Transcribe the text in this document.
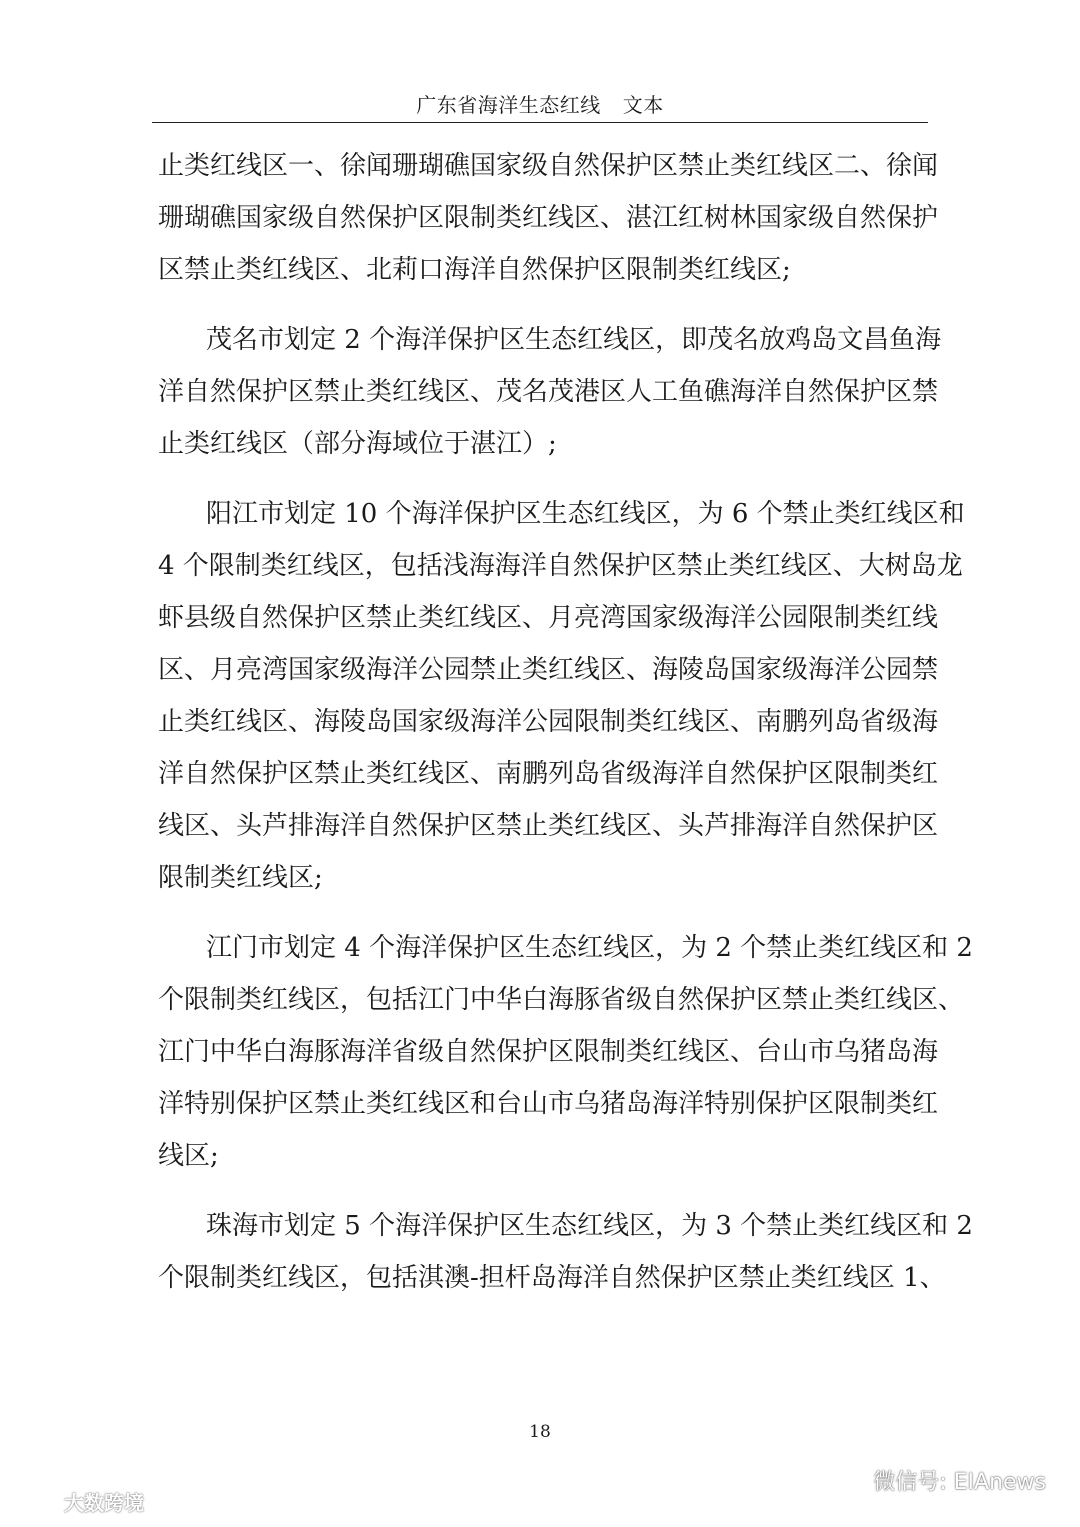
广东省海洋生态红线 文本
止类红线区一、徐闻珊瑚礁国家级自然保护区禁止类红线区二、徐闻
珊瑚礁国家级自然保护区限制类红线区、湛江红树林国家级自然保护
区禁止类红线区、北莉口海洋自然保护区限制类红线区;
茂名市划定 2 个海洋保护区生态红线区，即茂名放鸡岛文昌鱼海
洋自然保护区禁止类红线区、茂名茂港区人工鱼礁海洋自然保护区禁
止类红线区（部分海域位于湛江）;
阳江市划定 10 个海洋保护区生态红线区，为 6 个禁止类红线区和
4 个限制类红线区，包括浅海海洋自然保护区禁止类红线区、大树岛龙
虾县级自然保护区禁止类红线区、月亮湾国家级海洋公园限制类红线
区、月亮湾国家级海洋公园禁止类红线区、海陵岛国家级海洋公园禁
止类红线区、海陵岛国家级海洋公园限制类红线区、南鹏列岛省级海
洋自然保护区禁止类红线区、南鹏列岛省级海洋自然保护区限制类红
线区、头芦排海洋自然保护区禁止类红线区、头芦排海洋自然保护区
限制类红线区;
江门市划定 4 个海洋保护区生态红线区，为 2 个禁止类红线区和 2
个限制类红线区，包括江门中华白海豚省级自然保护区禁止类红线区、
江门中华白海豚海洋省级自然保护区限制类红线区、台山市乌猪岛海
洋特别保护区禁止类红线区和台山市乌猪岛海洋特别保护区限制类红
线区;
珠海市划定 5 个海洋保护区生态红线区，为 3 个禁止类红线区和 2
个限制类红线区，包括淇澳-担杆岛海洋自然保护区禁止类红线区 1、
18
大数跨境
微信号: EIAnews
